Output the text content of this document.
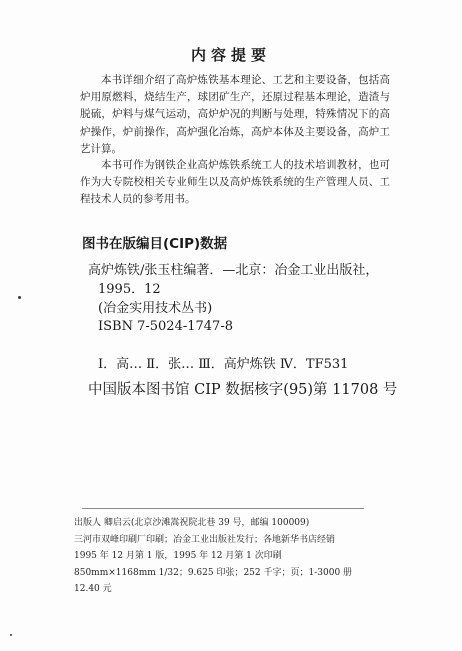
内容提要

本书详细介绍了高炉炼铁基本理论、工艺和主要设备，包括高炉用原燃料，烧结生产，球团矿生产，还原过程基本理论，造渣与脱硫，炉料与煤气运动，高炉炉况的判断与处理，特殊情况下的高炉操作，炉前操作，高炉强化冶炼，高炉本体及主要设备，高炉工艺计算。

本书可作为钢铁企业高炉炼铁系统工人的技术培训教材，也可作为大专院校相关专业师生以及高炉炼铁系统的生产管理人员、工程技术人员的参考用书。

图书在版编目(CIP)数据
高炉炼铁/张玉柱编著．—北京：冶金工业出版社，
1995．12
(冶金实用技术丛书)
ISBN 7-5024-1747-8
Ⅰ．高… Ⅱ．张… Ⅲ．高炉炼铁 Ⅳ．TF531
中国版本图书馆 CIP 数据核字(95)第 11708 号
出版人 卿启云(北京沙滩嵩祝院北巷 39 号，邮编 100009)
三河市双峰印刷厂印刷；冶金工业出版社发行；各地新华书店经销
1995 年 12 月第 1 版，1995 年 12 月第 1 次印刷
850mm×1168mm 1/32；9.625 印张；252 千字；页；1-3000 册
12.40 元
